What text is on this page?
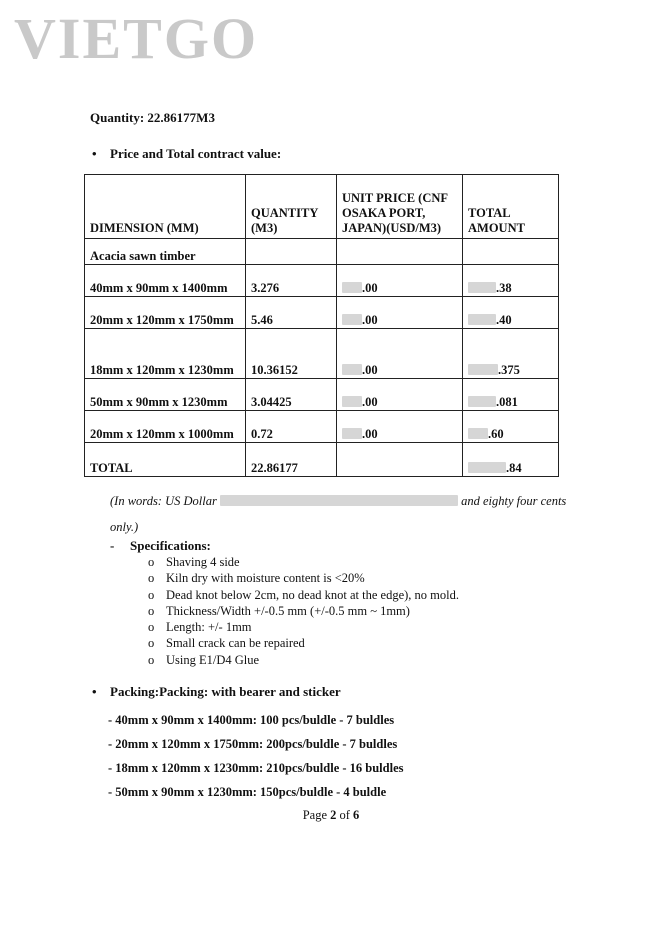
VIETGO
Quantity: 22.86177M3
• Price and Total contract value:
DIMENSION (MM)	QUANTITY (M3)	UNIT PRICE (CNF OSAKA PORT, JAPAN)(USD/M3)	TOTAL AMOUNT
Acacia sawn timber			
40mm x 90mm x 1400mm	3.276	.00	.38
20mm x 120mm x 1750mm	5.46	.00	.40
18mm x 120mm x 1230mm	10.36152	.00	.375
50mm x 90mm x 1230mm	3.04425	.00	.081
20mm x 120mm x 1000mm	0.72	.00	.60
TOTAL	22.86177		.84
(In words: US Dollar	and eighty four cents
only.)
- Specifications:
o Shaving 4 side
o Kiln dry with moisture content is <20%
o Dead knot below 2cm, no dead knot at the edge), no mold.
o Thickness/Width +/-0.5 mm (+/-0.5 mm ~ 1mm)
o Length: +/- 1mm
o Small crack can be repaired
o Using E1/D4 Glue
• Packing:Packing: with bearer and sticker
- 40mm x 90mm x 1400mm: 100 pcs/buldle - 7 buldles
- 20mm x 120mm x 1750mm: 200pcs/buldle - 7 buldles
- 18mm x 120mm x 1230mm: 210pcs/buldle - 16 buldles
- 50mm x 90mm x 1230mm: 150pcs/buldle - 4 buldle
Page 2 of 6
